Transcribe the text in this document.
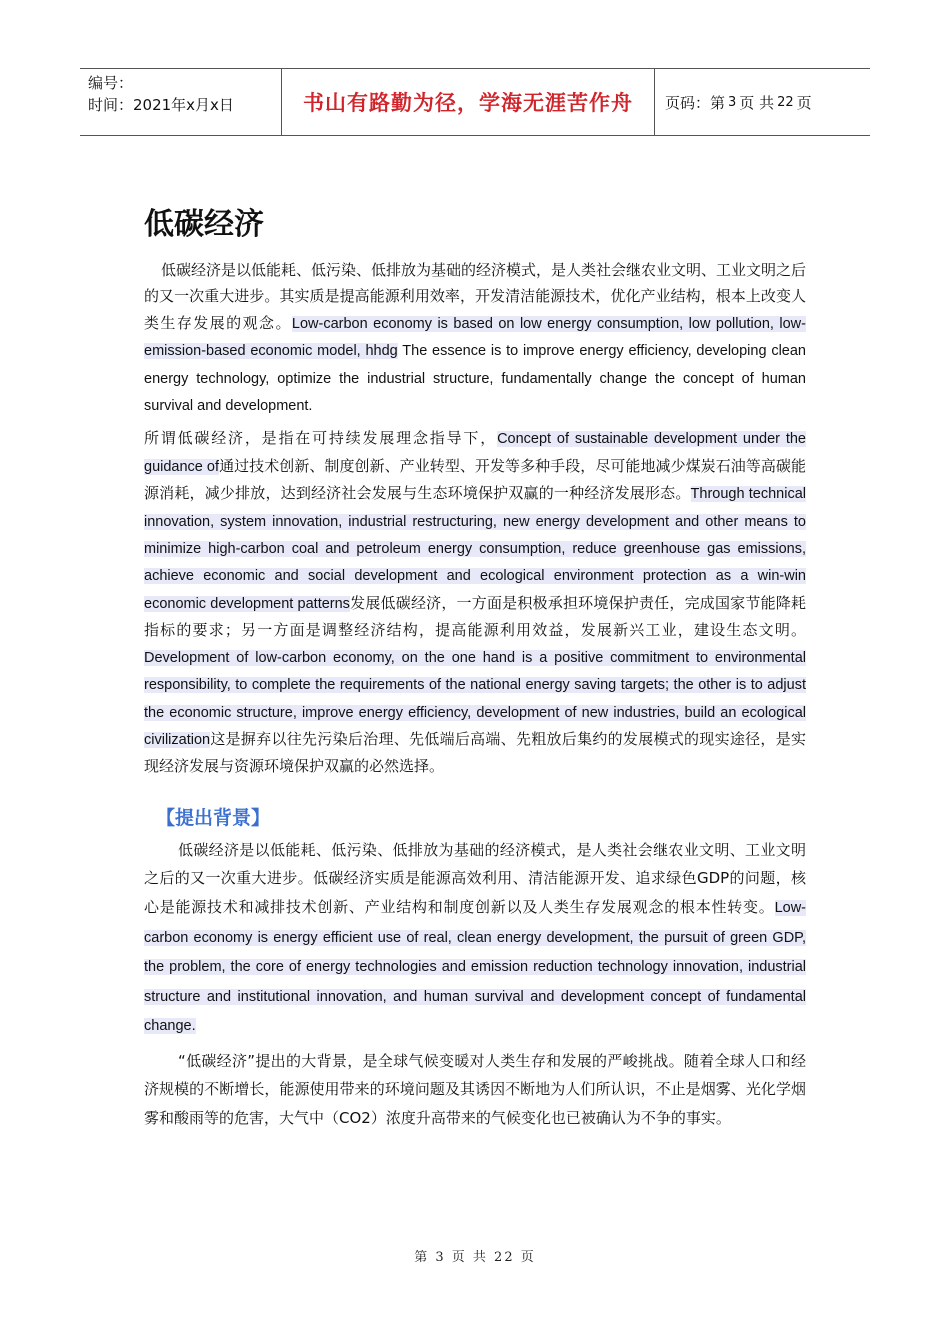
编号：
时间：2021年x月x日	书山有路勤为径，学海无涯苦作舟	页码：第 3 页 共 22 页
低碳经济

低碳经济是以低能耗、低污染、低排放为基础的经济模式，是人类社会继农业文明、工业文明之后的又一次重大进步。其实质是提高能源利用效率，开发清洁能源技术，优化产业结构，根本上改变人类生存发展的观念。Low-carbon economy is based on low energy consumption, low pollution, low-emission-based economic model, hhdg The essence is to improve energy efficiency, developing clean energy technology, optimize the industrial structure, fundamentally change the concept of human survival and development.

所谓低碳经济，是指在可持续发展理念指导下，Concept of sustainable development under the guidance of通过技术创新、制度创新、产业转型、开发等多种手段，尽可能地减少煤炭石油等高碳能源消耗，减少排放，达到经济社会发展与生态环境保护双赢的一种经济发展形态。Through technical innovation, system innovation, industrial restructuring, new energy development and other means to minimize high-carbon coal and petroleum energy consumption, reduce greenhouse gas emissions, achieve economic and social development and ecological environment protection as a win-win economic development patterns发展低碳经济，一方面是积极承担环境保护责任，完成国家节能降耗指标的要求；另一方面是调整经济结构，提高能源利用效益，发展新兴工业，建设生态文明。Development of low-carbon economy, on the one hand is a positive commitment to environmental responsibility, to complete the requirements of the national energy saving targets; the other is to adjust the economic structure, improve energy efficiency, development of new industries, build an ecological civilization这是摒弃以往先污染后治理、先低端后高端、先粗放后集约的发展模式的现实途径，是实现经济发展与资源环境保护双赢的必然选择。

【提出背景】

低碳经济是以低能耗、低污染、低排放为基础的经济模式，是人类社会继农业文明、工业文明之后的又一次重大进步。低碳经济实质是能源高效利用、清洁能源开发、追求绿色GDP的问题，核心是能源技术和减排技术创新、产业结构和制度创新以及人类生存发展观念的根本性转变。Low-carbon economy is energy efficient use of real, clean energy development, the pursuit of green GDP, the problem, the core of energy technologies and emission reduction technology innovation, industrial structure and institutional innovation, and human survival and development concept of fundamental change.

“低碳经济”提出的大背景，是全球气候变暖对人类生存和发展的严峻挑战。随着全球人口和经济规模的不断增长，能源使用带来的环境问题及其诱因不断地为人们所认识，不止是烟雾、光化学烟雾和酸雨等的危害，大气中（CO2）浓度升高带来的气候变化也已被确认为不争的事实。

第 3 页 共 22 页
